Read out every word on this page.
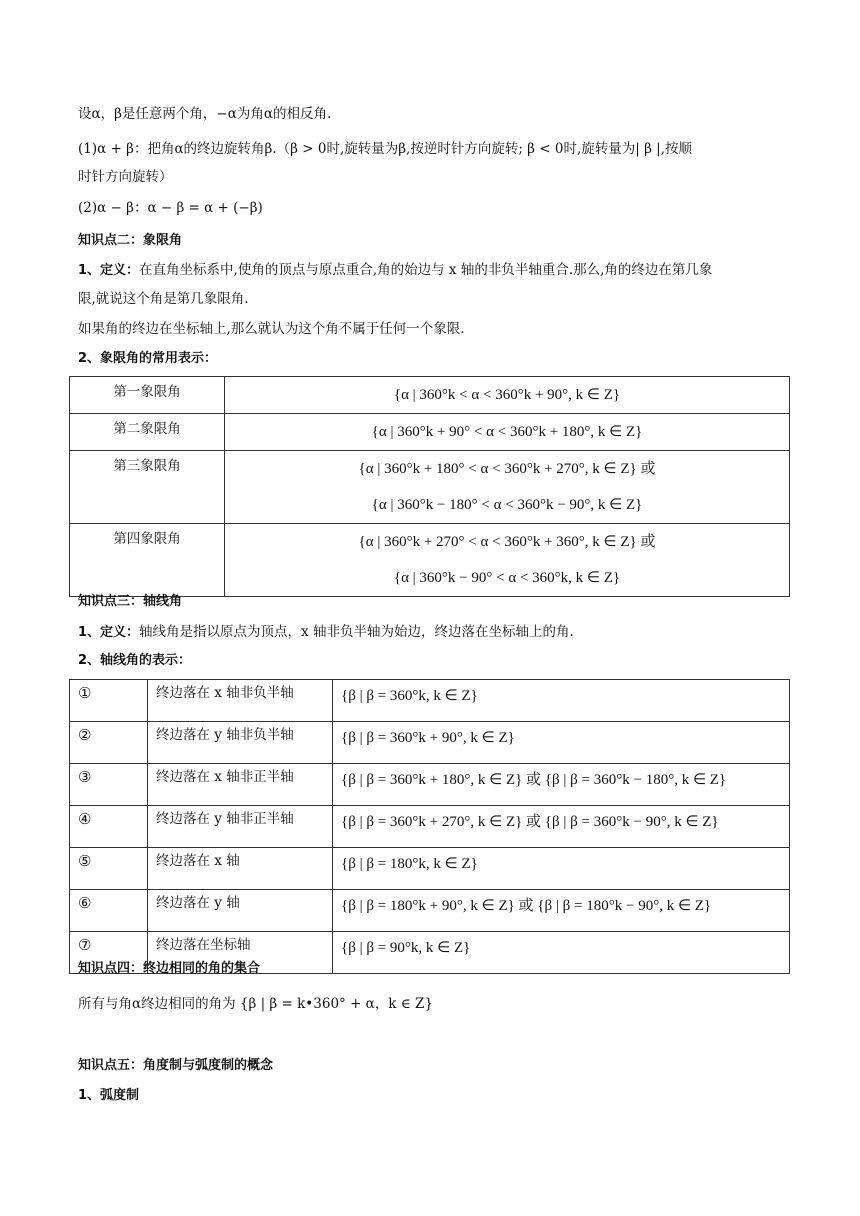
设α，β是任意两个角，−α为角α的相反角.
(1)α + β：把角α的终边旋转角β.（β > 0时,旋转量为β,按逆时针方向旋转; β < 0时,旋转量为| β |,按顺
时针方向旋转）
(2)α − β：α − β = α + (−β)
知识点二：象限角
1、定义：在直角坐标系中,使角的顶点与原点重合,角的始边与 x 轴的非负半轴重合.那么,角的终边在第几象
限,就说这个角是第几象限角.
如果角的终边在坐标轴上,那么就认为这个角不属于任何一个象限.
2、象限角的常用表示：
第一象限角	{α | 360°k < α < 360°k + 90°, k ∈ Z}

第二象限角	{α | 360°k + 90° < α < 360°k + 180°, k ∈ Z}

第三象限角	{α | 360°k + 180° < α < 360°k + 270°, k ∈ Z} 或
{α | 360°k − 180° < α < 360°k − 90°, k ∈ Z}

第四象限角	{α | 360°k + 270° < α < 360°k + 360°, k ∈ Z} 或
{α | 360°k − 90° < α < 360°k, k ∈ Z}
知识点三：轴线角
1、定义：轴线角是指以原点为顶点，x 轴非负半轴为始边，终边落在坐标轴上的角.
2、轴线角的表示：
①	终边落在 x 轴非负半轴	{β | β = 360°k, k ∈ Z}
②	终边落在 y 轴非负半轴	{β | β = 360°k + 90°, k ∈ Z}
③	终边落在 x 轴非正半轴	{β | β = 360°k + 180°, k ∈ Z} 或 {β | β = 360°k − 180°, k ∈ Z}
④	终边落在 y 轴非正半轴	{β | β = 360°k + 270°, k ∈ Z} 或 {β | β = 360°k − 90°, k ∈ Z}
⑤	终边落在 x 轴	{β | β = 180°k, k ∈ Z}
⑥	终边落在 y 轴	{β | β = 180°k + 90°, k ∈ Z} 或 {β | β = 180°k − 90°, k ∈ Z}
⑦	终边落在坐标轴	{β | β = 90°k, k ∈ Z}
知识点四：终边相同的角的集合
所有与角α终边相同的角为 {β | β = k•360° + α，k ∈ Z}
知识点五：角度制与弧度制的概念
1、弧度制
